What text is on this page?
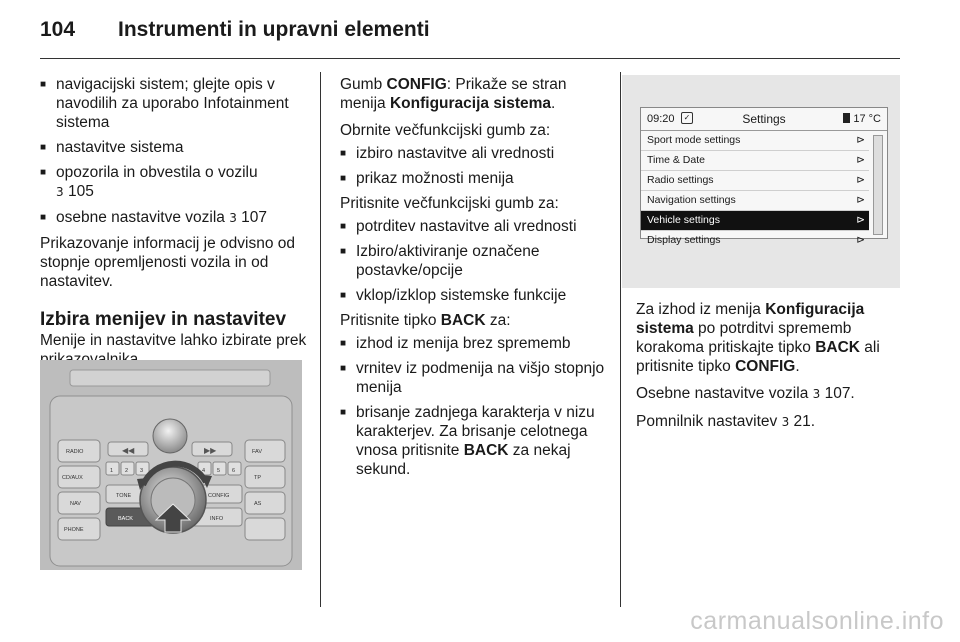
104 Instrumenti in upravni elementi
■ navigacijski sistem; glejte opis v navodilih za uporabo Infotainment sistema
■ nastavitve sistema
■ opozorila in obvestila o vozilu
3 105
■ osebne nastavitve vozila 3 107

Prikazovanje informacij je odvisno od stopnje opremljenosti vozila in od nastavitev.

Izbira menijev in nastavitev

Menije in nastavitve lahko izbirate prek

◀◀	▶▶
RADIO
CD/AUX
NAV
PHONE
FAV
TP
AS
TONE	CONFIG
BACK	INFO
1 2 3	4 5 6

Gumb CONFIG: Prikaže se stran menija Konfiguracija sistema.

Obrnite večfunkcijski gumb za:

■ izbiro nastavitve ali vrednosti
■ prikaz možnosti menija

Pritisnite večfunkcijski gumb za:

■ potrditev nastavitve ali vrednosti
■ Izbiro/aktiviranje označene postavke/opcije
■ vklop/izklop sistemske funkcije

Pritisnite tipko BACK za:

■ izhod iz menija brez sprememb
■ vrnitev iz podmenija na višjo stopnjo menija
■ brisanje zadnjega karakterja v nizu karakterjev. Za brisanje celotnega vnosa pritisnite BACK za nekaj sekund.
09:20	✓	Settings	17 °C
Sport mode settings	⊳
Time & Date	⊳
Radio settings	⊳
Navigation settings	⊳
Vehicle settings	⊳
Display settings	⊳

Za izhod iz menija Konfiguracija sistema po potrditvi sprememb korakoma pritiskajte tipko BACK ali pritisnite tipko CONFIG.

Osebne nastavitve vozila 3 107.

Pomnilnik nastavitev 3 21.

carmanualsonline.info
